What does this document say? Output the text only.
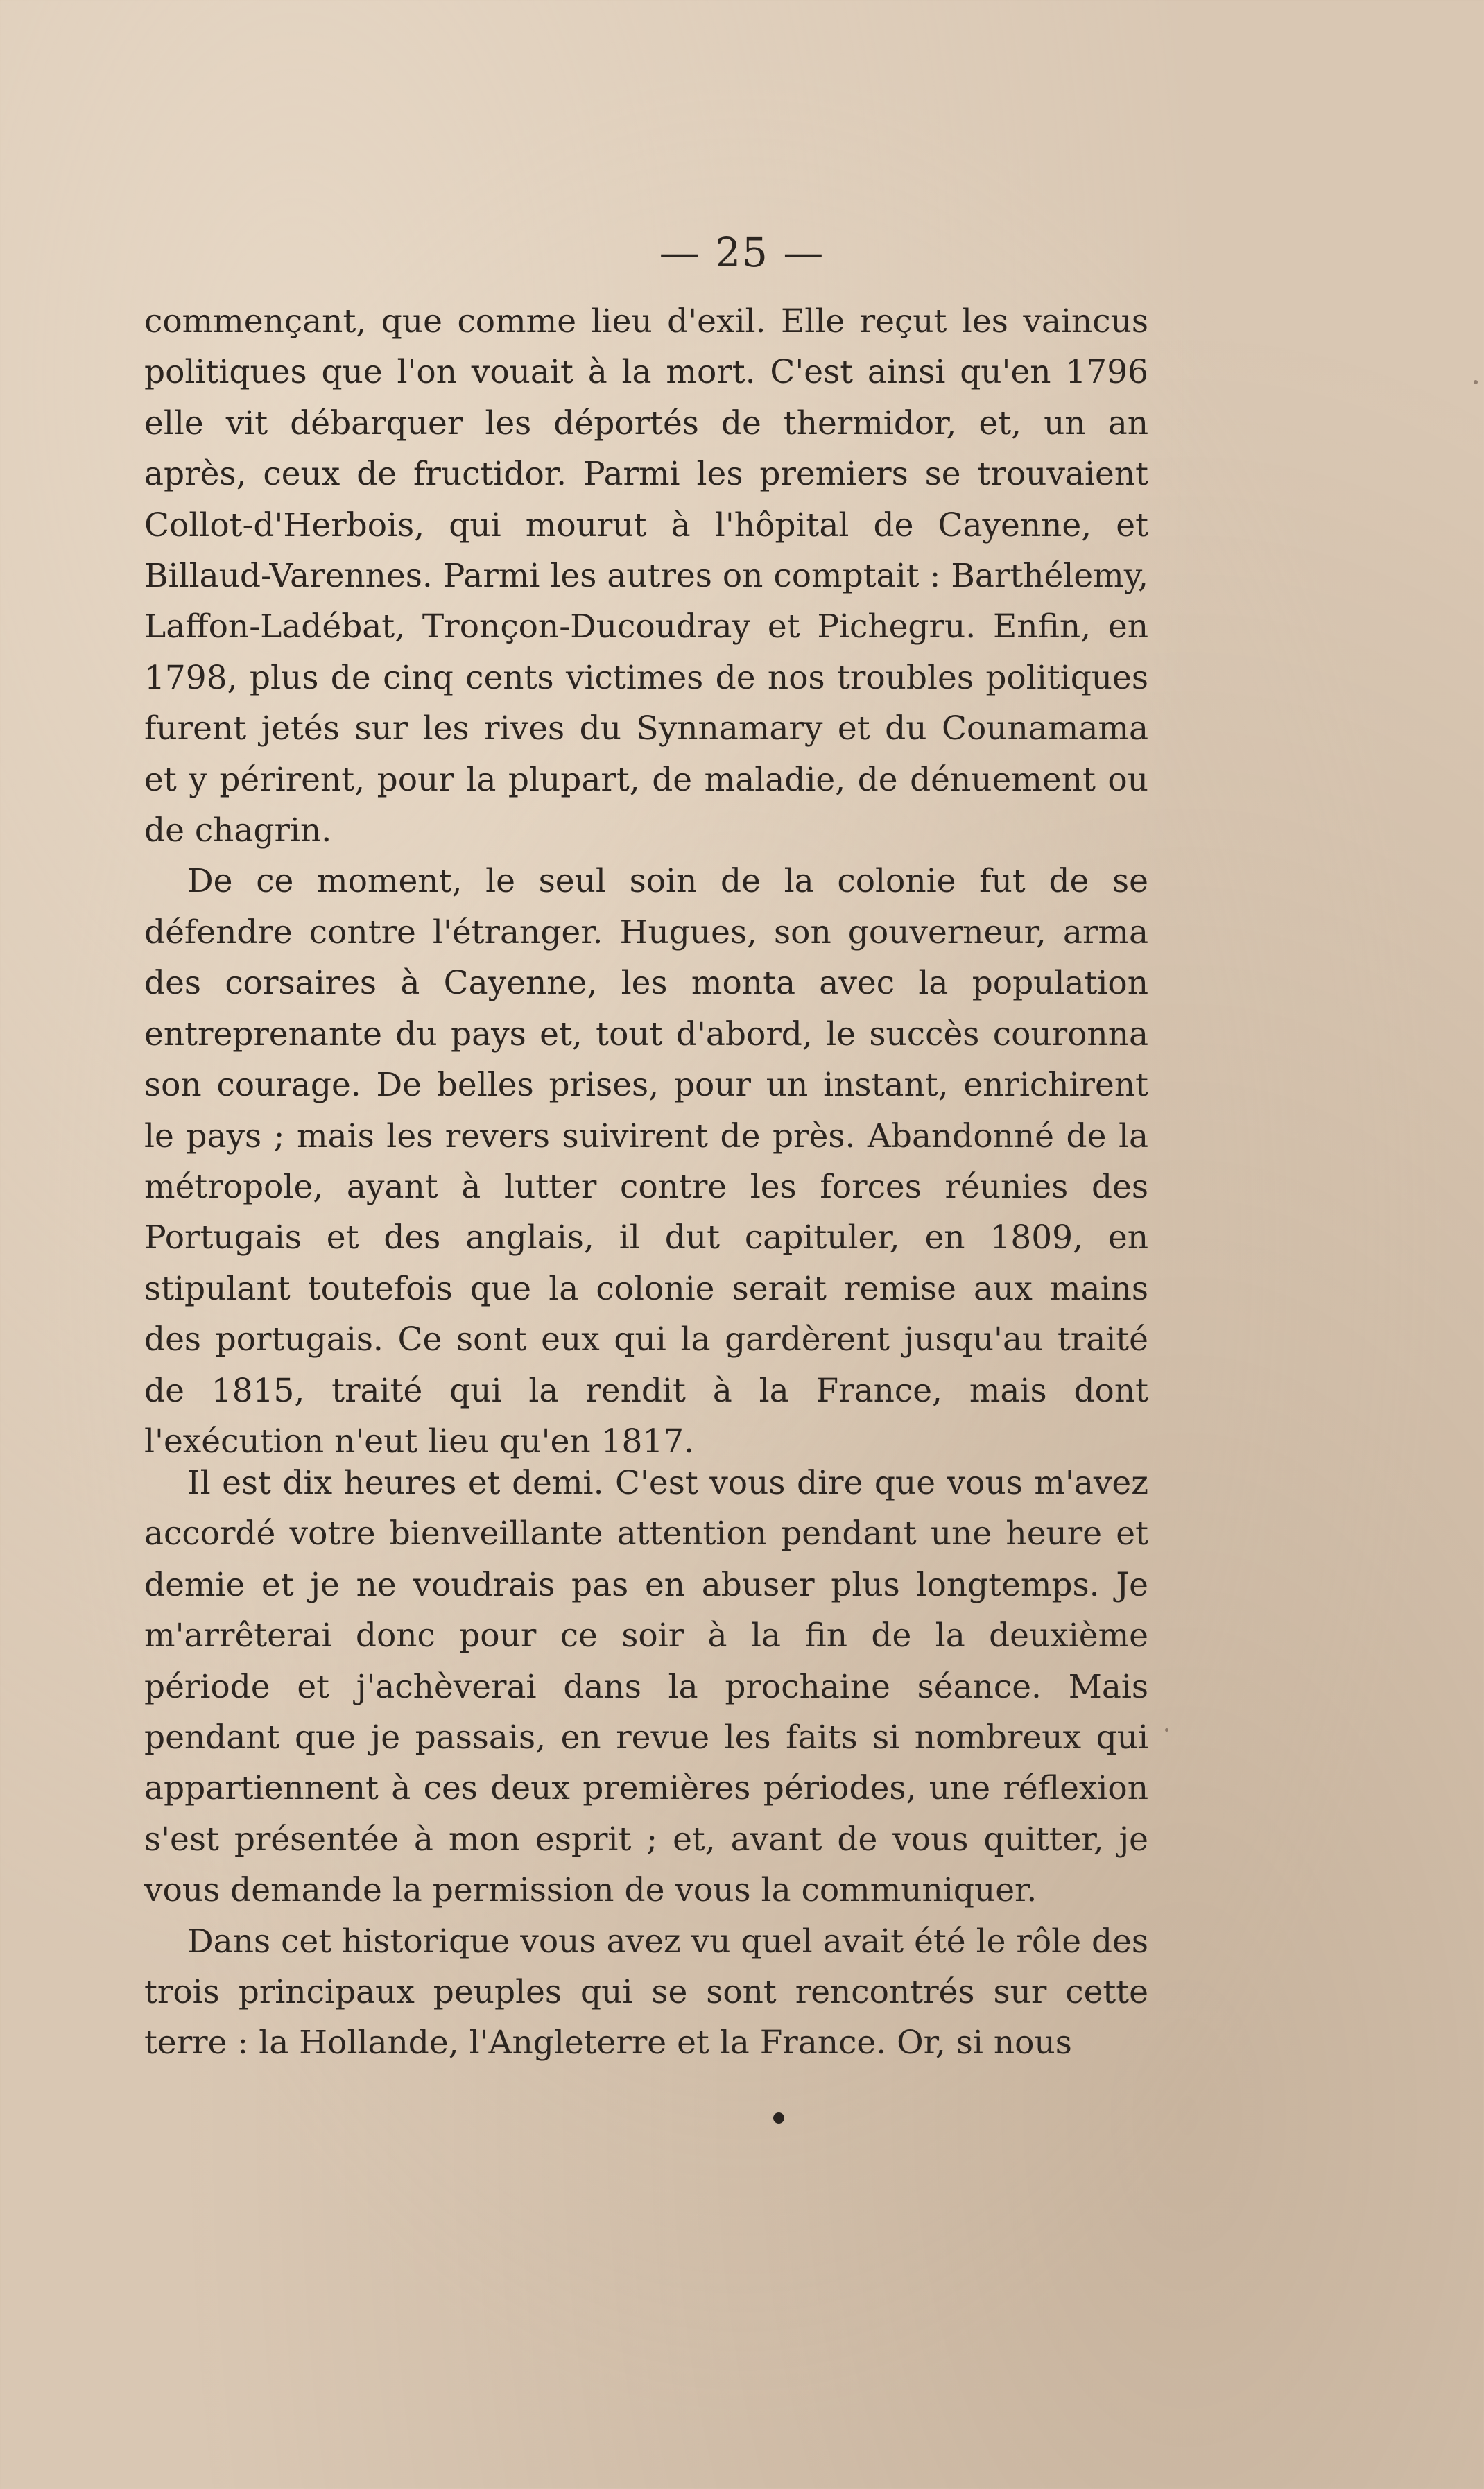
— 25 —

commençant, que comme lieu d'exil. Elle reçut les vaincus politiques que l'on vouait à la mort. C'est ainsi qu'en 1796 elle vit débarquer les déportés de thermidor, et, un an après, ceux de fructidor. Parmi les premiers se trouvaient Collot-d'Herbois, qui mourut à l'hôpital de Cayenne, et Billaud-Varennes. Parmi les autres on comptait : Barthélemy, Laffon-Ladébat, Tronçon-Ducoudray et Pichegru. Enfin, en 1798, plus de cinq cents victimes de nos troubles politiques furent jetés sur les rives du Synnamary et du Counamama et y périrent, pour la plupart, de maladie, de dénuement ou de chagrin.

De ce moment, le seul soin de la colonie fut de se défendre contre l'étranger. Hugues, son gouverneur, arma des corsaires à Cayenne, les monta avec la population entreprenante du pays et, tout d'abord, le succès couronna son courage. De belles prises, pour un instant, enrichirent le pays ; mais les revers suivirent de près. Abandonné de la métropole, ayant à lutter contre les forces réunies des Portugais et des anglais, il dut capituler, en 1809, en stipulant toutefois que la colonie serait remise aux mains des portugais. Ce sont eux qui la gardèrent jusqu'au traité de 1815, traité qui la rendit à la France, mais dont l'exécution n'eut lieu qu'en 1817.

Il est dix heures et demi. C'est vous dire que vous m'avez accordé votre bienveillante attention pendant une heure et demie et je ne voudrais pas en abuser plus longtemps. Je m'arrêterai donc pour ce soir à la fin de la deuxième période et j'achèverai dans la prochaine séance. Mais pendant que je passais, en revue les faits si nombreux qui appartiennent à ces deux premières périodes, une réflexion s'est présentée à mon esprit ; et, avant de vous quitter, je vous demande la permission de vous la communiquer.

Dans cet historique vous avez vu quel avait été le rôle des trois principaux peuples qui se sont rencontrés sur cette terre : la Hollande, l'Angleterre et la France. Or, si nous
